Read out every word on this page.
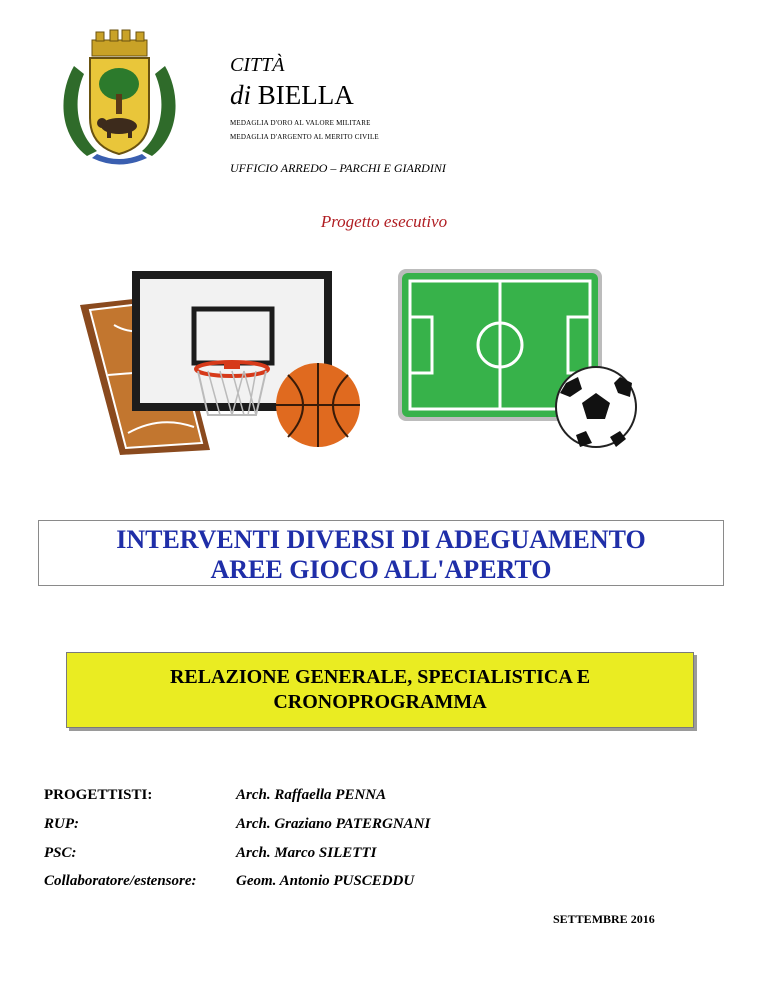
CITTÀ
di BIELLA
MEDAGLIA D'ORO AL VALORE MILITARE
MEDAGLIA D'ARGENTO AL MERITO CIVILE
UFFICIO ARREDO – PARCHI E GIARDINI
Progetto esecutivo
INTERVENTI DIVERSI DI ADEGUAMENTO
AREE GIOCO ALL'APERTO
RELAZIONE GENERALE, SPECIALISTICA E
CRONOPROGRAMMA
PROGETTISTI:	Arch. Raffaella PENNA
RUP:	Arch. Graziano PATERGNANI
PSC:	Arch. Marco SILETTI
Collaboratore/estensore:	Geom. Antonio PUSCEDDU
SETTEMBRE 2016
